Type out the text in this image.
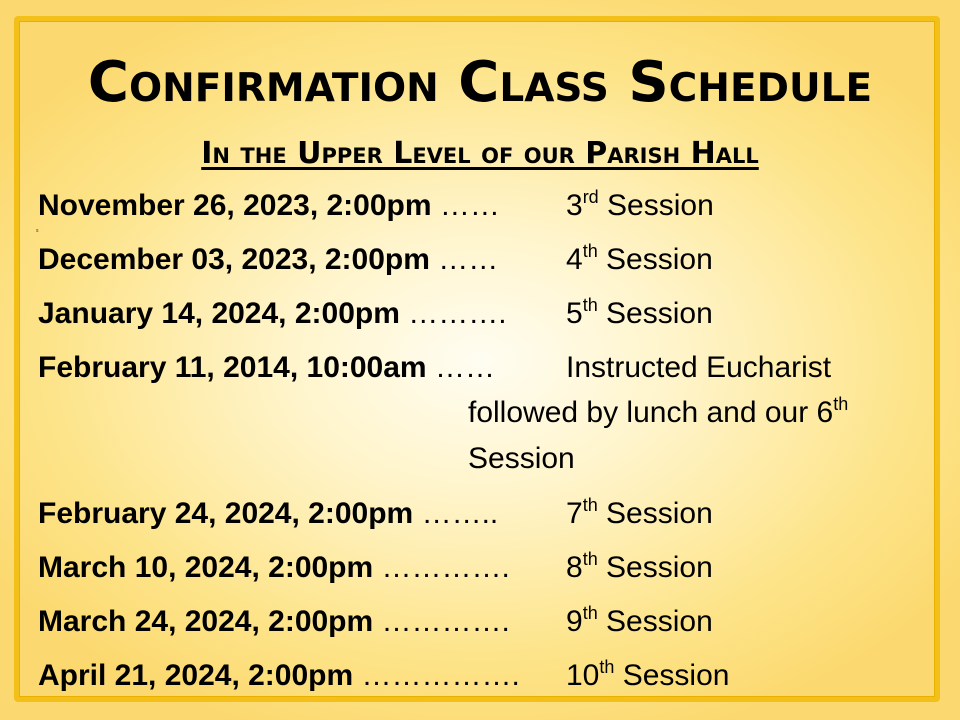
Confirmation Class Schedule
In the Upper Level of our Parish Hall
s
November 26, 2023, 2:00pm …… 3rd Session
December 03, 2023, 2:00pm …… 4th Session
January 14, 2024, 2:00pm ………. 5th Session
February 11, 2014, 10:00am …… Instructed Eucharist
followed by lunch and our 6th
Session
February 24, 2024, 2:00pm …….. 7th Session
March 10, 2024, 2:00pm …………. 8th Session
March 24, 2024, 2:00pm …………. 9th Session
April 21, 2024, 2:00pm ……………. 10th Session
